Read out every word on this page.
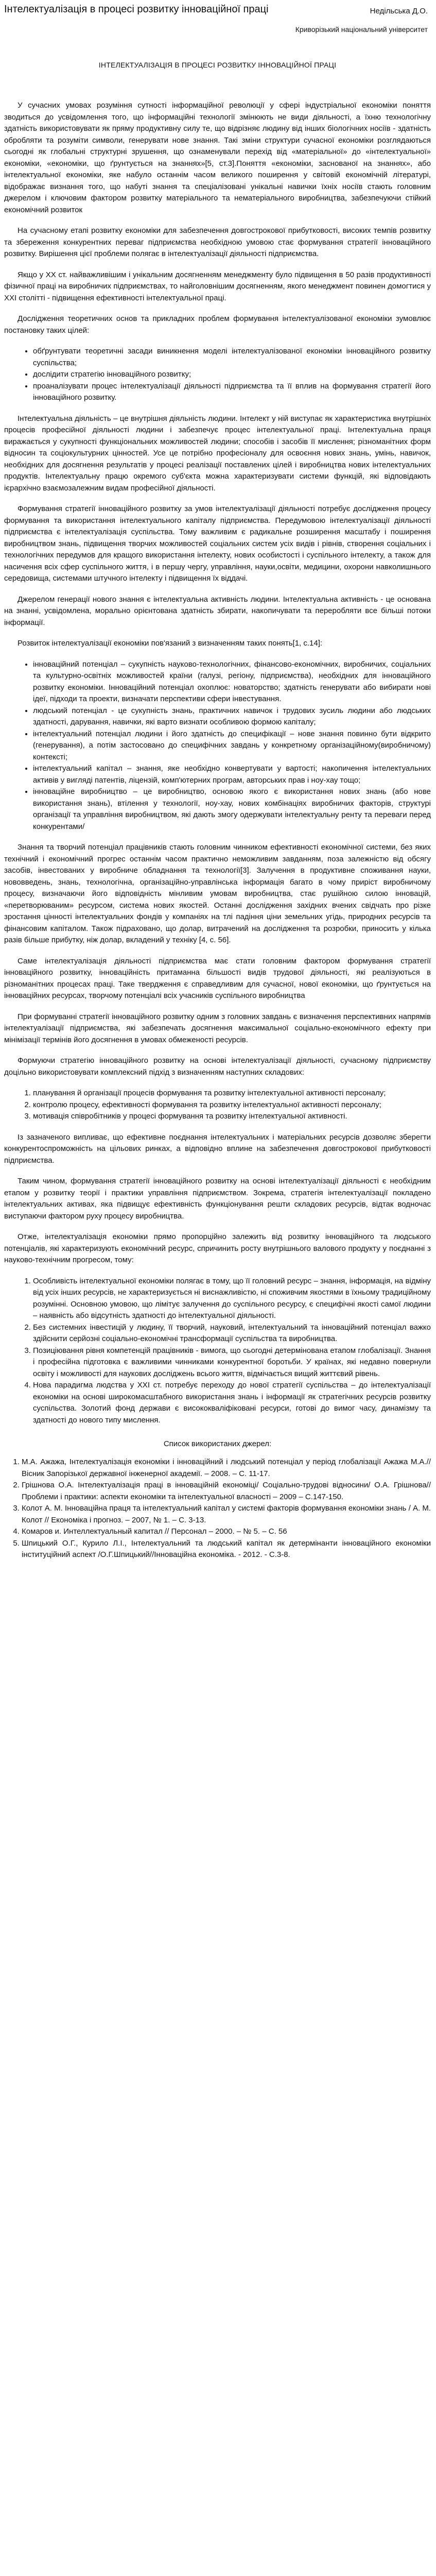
Інтелектуалізація в процесі розвитку інноваційної праці	Недільська Д.О.
Криворізький національний університет
ІНТЕЛЕКТУАЛІЗАЦІЯ В ПРОЦЕСІ РОЗВИТКУ ІННОВАЦІЙНОЇ ПРАЦІ

У сучасних умовах розуміння сутності інформаційної революції у сфері індустріальної економіки поняття зводиться до усвідомлення того, що інформаційні технології змінюють не види діяльності, а їхню технологічну здатність використовувати як пряму продуктивну силу те, що відрізняє людину від інших біологічних носіїв - здатність обробляти та розуміти символи, генерувати нове знання. Такі зміни структури сучасної економіки розглядаються сьогодні як глобальні структурні зрушення, що ознаменували перехід від «матеріальної» до «інтелектуальної» економіки, «економіки, що ґрунтується на знаннях»[5, ст.3].Поняття «економіки, заснованої на знаннях», або інтелектуальної економіки, яке набуло останнім часом великого поширення у світовій економічній літературі, відображає визнання того, що набуті знання та спеціалізовані унікальні навички їхніх носіїв стають головним джерелом і ключовим фактором розвитку матеріального та нематеріального виробництва, забезпечуючи стійкий економічний розвиток

На сучасному етапі розвитку економіки для забезпечення довгострокової прибутковості, високих темпів розвитку та збереження конкурентних переваг підприємства необхідною умовою стає формування стратегії інноваційного розвитку. Вирішення цієї проблеми полягає в інтелектуалізації діяльності підприємства.

Якщо у ХХ ст. найважливішим і унікальним досягненням менеджменту було підвищення в 50 разів продуктивності фізичної праці на виробничих підприємствах, то найголовнішим досягненням, якого менеджмент повинен домогтися у ХХІ столітті - підвищення ефективності інтелектуальної праці.

Дослідження теоретичних основ та прикладних проблем формування інтелектуалізованої економіки зумовлює постановку таких цілей:

• обґрунтувати теоретичні засади виникнення моделі інтелектуалізованої економіки інноваційного розвитку суспільства;
• дослідити стратегію інноваційного розвитку;
• проаналізувати процес інтелектуалізації діяльності підприємства та її вплив на формування стратегії його інноваційного розвитку.

Інтелектуальна діяльність – це внутрішня діяльність людини. Інтелект у ній виступає як характеристика внутрішніх процесів професійної діяльності людини і забезпечує процес інтелектуальної праці. Інтелектуальна праця виражається у сукупності функціональних можливостей людини; способів і засобів її мислення; різноманітних форм відносин та соціокультурних цінностей. Усе це потрібно професіоналу для освоєння нових знань, умінь, навичок, необхідних для досягнення результатів у процесі реалізації поставлених цілей і виробництва нових інтелектуальних продуктів. Інтелектуальну працю окремого суб'єкта можна характеризувати системи функцій, які відповідають ієрархічно взаємозалежним видам професійної діяльності.

Формування стратегії інноваційного розвитку за умов інтелектуалізації діяльності потребує дослідження процесу формування та використання інтелектуального капіталу підприємства. Передумовою інтелектуалізації діяльності підприємства є інтелектуалізація суспільства. Тому важливим є радикальне розширення масштабу і поширення виробництвом знань, підвищення творчих можливостей соціальних систем усіх видів і рівнів, створення соціальних і технологічних передумов для кращого використання інтелекту, нових особистості і суспільного інтелекту, а також для насичення всіх сфер суспільного життя, і в першу чергу, управління, науки,освіти, медицини, охорони навколишнього середовища, системами штучного інтелекту і підвищення їх віддачі.

Джерелом генерації нового знання є інтелектуальна активність людини. Інтелектуальна активність - це основана на знанні, усвідомлена, морально орієнтована здатність збирати, накопичувати та переробляти все більші потоки інформації.

Розвиток інтелектуалізації економіки пов'язаний з визначенням таких понять[1, с.14]:

• інноваційний потенціал – сукупність науково-технологічних, фінансово-економічних, виробничих, соціальних та культурно-освітніх можливостей країни (галузі, регіону, підприємства), необхідних для інноваційного розвитку економіки. Інноваційний потенціал охоплює: новаторство; здатність генерувати або вибирати нові ідеї, підходи та проекти, визначати перспективи сфери інвестування.
• людський потенціал - це сукупність знань, практичних навичок і трудових зусиль людини або людських здатності, дарування, навички, які варто визнати особливою формою капіталу;
• інтелектуальний потенціал людини і його здатність до специфікації – нове знання повинно бути відкрито (генерування), а потім застосовано до специфічних завдань у конкретному організаційному(виробничому) контексті;
• інтелектуальний капітал – знання, яке необхідно конвертувати у вартості; накопичення інтелектуальних активів у вигляді патентів, ліцензій, комп'ютерних програм, авторських прав і ноу-хау тощо;
• інноваційне виробництво – це виробництво, основою якого є використання нових знань (або нове використання знань), втілення у технології, ноу-хау, нових комбінаціях виробничих факторів, структурі організації та управління виробництвом, які дають змогу одержувати інтелектуальну ренту та переваги перед конкурентами/

Знання та творчий потенціал працівників стають головним чинником ефективності економічної системи, без яких технічний і економічний прогрес останнім часом практично неможливим завданням, поза залежністю від обсягу засобів, інвестованих у виробниче обладнання та технології[3]. Залучення в продуктивне споживання науки, нововведень, знань, технологічна, організаційно-управлінська інформація багато в чому приріст виробничому процесу, визначаючи його відповідність мінливим умовам виробництва, стає рушійною силою інновацій, «перетворюваним» ресурсом, система нових якостей. Останні дослідження західних вчених свідчать про різке зростання цінності інтелектуальних фондів у компаніях на тлі падіння ціни земельних угідь, природних ресурсів та фінансовим капіталом. Також підраховано, що долар, витрачений на дослідження та розробки, приносить у кілька разів більше прибутку, ніж долар, вкладений у техніку [4, с. 56].

Саме інтелектуалізація діяльності підприємства має стати головним фактором формування стратегії інноваційного розвитку, інноваційність притаманна більшості видів трудової діяльності, які реалізуються в різноманітних процесах праці. Таке твердження є справедливим для сучасної, нової економіки, що ґрунтується на інноваційних ресурсах, творчому потенціалі всіх учасників суспільного виробництва

При формуванні стратегії інноваційного розвитку одним з головних завдань є визначення перспективних напрямів інтелектуалізації підприємства, які забезпечать досягнення максимальної соціально-економічного ефекту при мінімізації термінів його досягнення в умовах обмеженості ресурсів.

Формуючи стратегію інноваційного розвитку на основі інтелектуалізації діяльності, сучасному підприємству доцільно використовувати комплексний підхід з визначенням наступних складових:

1. планування й організації процесів формування та розвитку інтелектуальної активності персоналу;
2. контролю процесу, ефективності формування та розвитку інтелектуальної активності персоналу;
3. мотивація співробітників у процесі формування та розвитку інтелектуальної активності.

Із зазначеного випливає, що ефективне поєднання інтелектуальних і матеріальних ресурсів дозволяє зберегти конкурентоспроможність на цільових ринках, а відповідно вплине на забезпечення довгострокової прибутковості підприємства.

Таким чином, формування стратегії інноваційного розвитку на основі інтелектуалізації діяльності є необхідним етапом у розвитку теорії і практики управління підприємством. Зокрема, стратегія інтелектуалізації покладено інтелектуальних активах, яка підвищує ефективність функціонування решти складових ресурсів, відтак водночас виступаючи фактором руху процесу виробництва.

Отже, інтелектуалізація економіки прямо пропорційно залежить від розвитку інноваційного та людського потенціалів, які характеризують економічний ресурс, спричинить росту внутрішнього валового продукту у поєднанні з науково-технічним прогресом, тому:

1. Особливість інтелектуальної економіки полягає в тому, що її головний ресурс – знання, інформація, на відміну від усіх інших ресурсів, не характеризується ні виснажливістю, ні споживчим якостями в їхньому традиційному розумінні. Основною умовою, що лімітує залучення до суспільного ресурсу, є специфічні якості самої людини – наявність або відсутність здатності до інтелектуальної діяльності.
2. Без системних інвестицій у людину, її творчий, науковий, інтелектуальний та інноваційний потенціал важко здійснити серйозні соціально-економічні трансформації суспільства та виробництва.
3. Позиціювання рівня компетенцій працівників - вимога, що сьогодні детермінована етапом глобалізації. Знання і професійна підготовка є важливими чинниками конкурентної боротьби. У країнах, які недавно повернули освіту і можливості для наукових досліджень всього життя, відмічається вищий життєвий рівень.
4. Нова парадигма людства у ХХІ ст. потребує переходу до нової стратегії суспільства – до інтелектуалізації економіки на основі широкомасштабного використання знань і інформації як стратегічних ресурсів розвитку суспільства. Золотий фонд держави є висококваліфіковані ресурси, готові до вимог часу, динамізму та здатності до нового типу мислення.
Список використаних джерел:
1. М.А. Ажажа, Інтелектуалізація економіки і інноваційний і людський потенціал у період глобалізації Ажажа М.А.// Вісник Запорізької державної інженерної академії. – 2008. – С. 11-17.
2. Грішнова О.А. Інтелектуалізація праці в інноваційній економіці/ Соціально-трудові відносини/ О.А. Грішнова// Проблеми і практики: аспекти економіки та інтелектуальної власності – 2009 – С.147-150.
3. Колот А. М. Інноваційна праця та інтелектуальний капітал у системі факторів формування економіки знань / А. М. Колот // Економіка і прогноз. – 2007, № 1. – С. 3-13.
4. Комаров и. Интеллектуальный капитал // Персонал – 2000. – № 5. – С. 56
5. Шпицький О.Г., Курило Л.І., Інтелектуальний та людський капітал як детермінанти інноваційного економіки інституційний аспект /О.Г.Шпицький//Інноваційна економіка. - 2012. - С.3-8.
